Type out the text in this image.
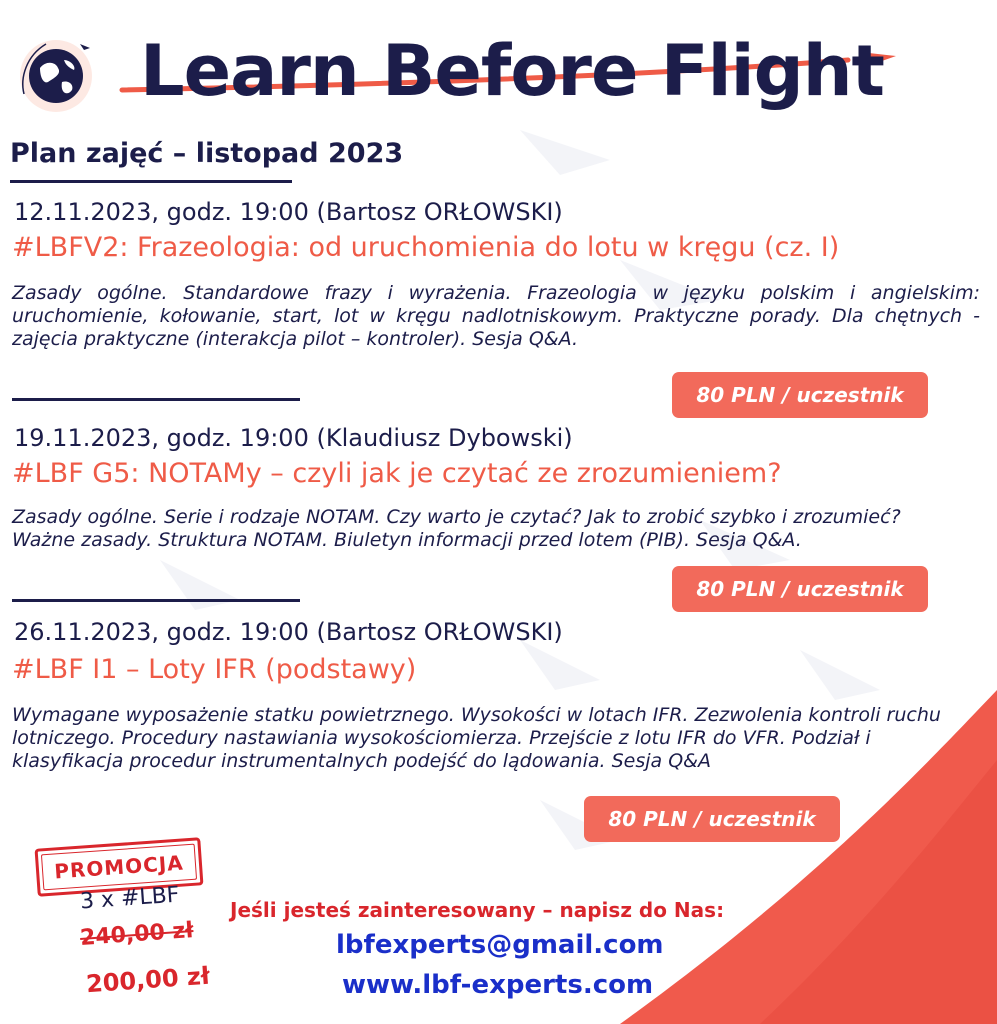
Learn Before Flight
Plan zajęć – listopad 2023
12.11.2023, godz. 19:00 (Bartosz ORŁOWSKI)
#LBFV2: Frazeologia: od uruchomienia do lotu w kręgu (cz. I)

Zasady ogólne. Standardowe frazy i wyrażenia. Frazeologia w języku polskim i angielskim: uruchomienie, kołowanie, start, lot w kręgu nadlotniskowym. Praktyczne porady. Dla chętnych - zajęcia praktyczne (interakcja pilot – kontroler). Sesja Q&A.

80 PLN / uczestnik
19.11.2023, godz. 19:00 (Klaudiusz Dybowski)
#LBF G5: NOTAMy – czyli jak je czytać ze zrozumieniem?

Zasady ogólne. Serie i rodzaje NOTAM. Czy warto je czytać? Jak to zrobić szybko i zrozumieć? Ważne zasady. Struktura NOTAM. Biuletyn informacji przed lotem (PIB). Sesja Q&A.

80 PLN / uczestnik
26.11.2023, godz. 19:00 (Bartosz ORŁOWSKI)
#LBF I1 – Loty IFR (podstawy)

Wymagane wyposażenie statku powietrznego. Wysokości w lotach IFR. Zezwolenia kontroli ruchu lotniczego. Procedury nastawiania wysokościomierza. Przejście z lotu IFR do VFR. Podział i klasyfikacja procedur instrumentalnych podejść do lądowania. Sesja Q&A

80 PLN / uczestnik
PROMOCJA
3 x #LBF
240,00 zł
200,00 zł
Jeśli jesteś zainteresowany – napisz do Nas:
lbfexperts@gmail.com
www.lbf-experts.com
